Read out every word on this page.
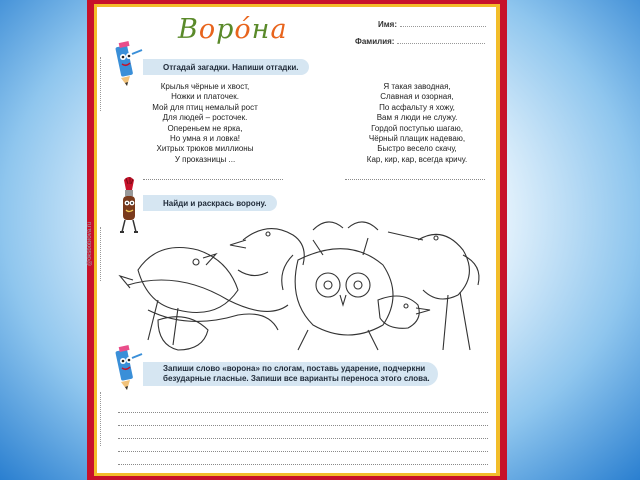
Воро́на	Имя:
Фамилия:
Отгадай загадки. Напиши отгадки.
Крылья чёрные и хвост,
Ножки и платочек.
Мой для птиц немалый рост
Для людей – росточек.
Опереньем не ярка,
Но умна я и ловка!
Хитрых трюков миллионы
У проказницы ...
Я такая заводная,
Славная и озорная,
По асфальту я хожу,
Вам я люди не служу.
Гордой поступью шагаю,
Чёрный плащик надеваю,
Быстро весело скачу,
Кар, кир, кар, всегда кричу.
Найди и раскрась ворону.
@oksbobrova.ru
Запиши слово «ворона» по слогам, поставь ударение, подчеркни
безударные гласные. Запиши все варианты переноса этого слова.
